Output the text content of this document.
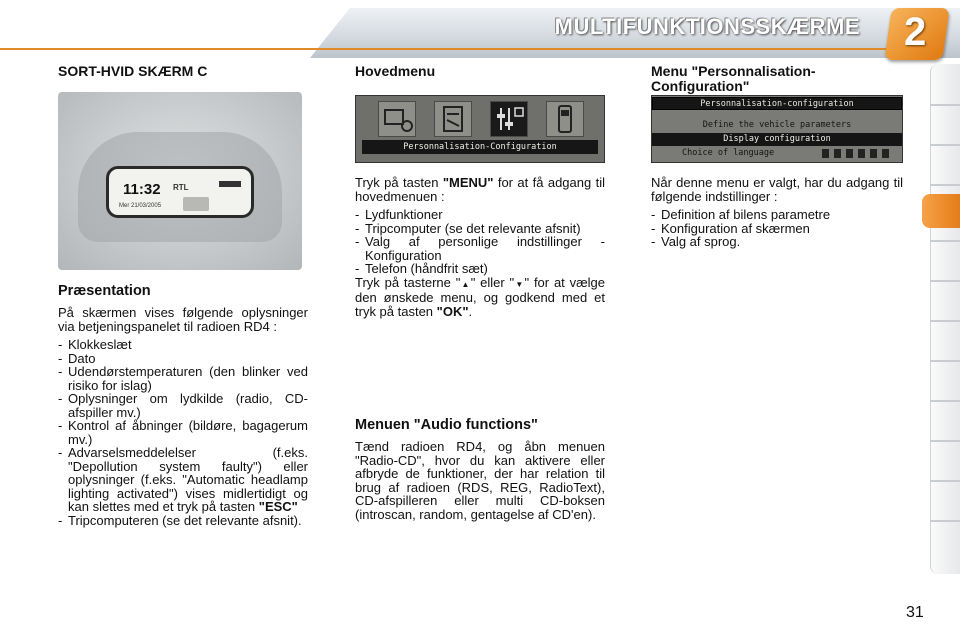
MULTIFUNKTIONSSKÆRME 2
SORT-HVID SKÆRM C
11:32 RTL
Mer 21/03/2005
Præsentation

På skærmen vises følgende oplysninger via betjeningspanelet til radioen RD4 :

- Klokkeslæt
- Dato
- Udendørstemperaturen (den blinker ved risiko for islag)
- Oplysninger om lydkilde (radio, CD-afspiller mv.)
- Kontrol af åbninger (bildøre, bagagerum mv.)
- Advarselsmeddelelser (f.eks. "Depollution system faulty") eller oplysninger (f.eks. "Automatic headlamp lighting activated") vises midlertidigt og kan slettes med et tryk på tasten "ESC"
- Tripcomputeren (se det relevante afsnit).
Hovedmenu
Personnalisation-Configuration

Tryk på tasten "MENU" for at få adgang til hovedmenuen :

- Lydfunktioner
- Tripcomputer (se det relevante afsnit)
- Valg af personlige indstillinger - Konfiguration
- Telefon (håndfrit sæt)

Tryk på tasterne "▲" eller "▼" for at vælge den ønskede menu, og godkend med et tryk på tasten "OK".

Menuen "Audio functions"

Tænd radioen RD4, og åbn menuen "Radio-CD", hvor du kan aktivere eller afbryde de funktioner, der har relation til brug af radioen (RDS, REG, RadioText), CD-afspilleren eller multi CD-boksen (introscan, random, gentagelse af CD'en).

Menu "Personnalisation-Configuration"
Personnalisation-configuration
Define the vehicle parameters
Display configuration
Choice of language

Når denne menu er valgt, har du adgang til følgende indstillinger :

- Definition af bilens parametre
- Konfiguration af skærmen
- Valg af sprog.
31
